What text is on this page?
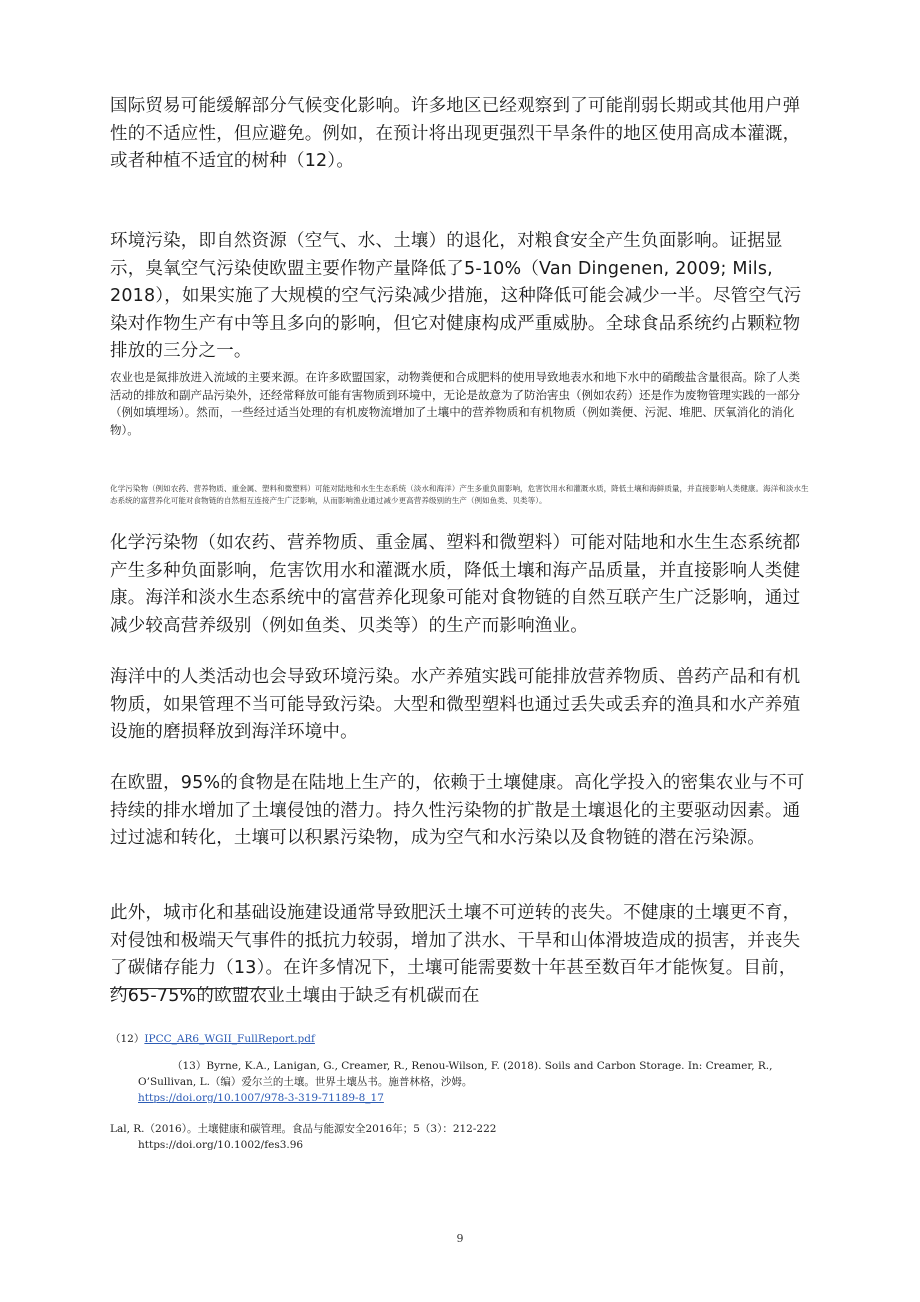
国际贸易可能缓解部分气候变化影响。许多地区已经观察到了可能削弱长期或其他用户弹性的不适应性，但应避免。例如，在预计将出现更强烈干旱条件的地区使用高成本灌溉，或者种植不适宜的树种（12）。

环境污染，即自然资源（空气、水、土壤）的退化，对粮食安全产生负面影响。证据显示，臭氧空气污染使欧盟主要作物产量降低了5-10%（Van Dingenen, 2009; Mils, 2018），如果实施了大规模的空气污染减少措施，这种降低可能会减少一半。尽管空气污染对作物生产有中等且多向的影响，但它对健康构成严重威胁。全球食品系统约占颗粒物排放的三分之一。

农业也是氮排放进入流域的主要来源。在许多欧盟国家，动物粪便和合成肥料的使用导致地表水和地下水中的硝酸盐含量很高。除了人类活动的排放和副产品污染外，还经常释放可能有害物质到环境中，无论是故意为了防治害虫（例如农药）还是作为废物管理实践的一部分（例如填埋场）。然而，一些经过适当处理的有机废物流增加了土壤中的营养物质和有机物质（例如粪便、污泥、堆肥、厌氧消化的消化物）。

化学污染物（例如农药、营养物质、重金属、塑料和微塑料）可能对陆地和水生生态系统（淡水和海洋）产生多重负面影响，危害饮用水和灌溉水质，降低土壤和海鲜质量，并直接影响人类健康。海洋和淡水生态系统的富营养化可能对食物链的自然相互连接产生广泛影响，从而影响渔业通过减少更高营养级别的生产（例如鱼类、贝类等）。

化学污染物（如农药、营养物质、重金属、塑料和微塑料）可能对陆地和水生生态系统都产生多种负面影响，危害饮用水和灌溉水质，降低土壤和海产品质量，并直接影响人类健康。海洋和淡水生态系统中的富营养化现象可能对食物链的自然互联产生广泛影响，通过减少较高营养级别（例如鱼类、贝类等）的生产而影响渔业。

海洋中的人类活动也会导致环境污染。水产养殖实践可能排放营养物质、兽药产品和有机物质，如果管理不当可能导致污染。大型和微型塑料也通过丢失或丢弃的渔具和水产养殖设施的磨损释放到海洋环境中。

在欧盟，95%的食物是在陆地上生产的，依赖于土壤健康。高化学投入的密集农业与不可持续的排水增加了土壤侵蚀的潜力。持久性污染物的扩散是土壤退化的主要驱动因素。通过过滤和转化，土壤可以积累污染物，成为空气和水污染以及食物链的潜在污染源。

此外，城市化和基础设施建设通常导致肥沃土壤不可逆转的丧失。不健康的土壤更不育，对侵蚀和极端天气事件的抵抗力较弱，增加了洪水、干旱和山体滑坡造成的损害，并丧失了碳储存能力（13）。在许多情况下，土壤可能需要数十年甚至数百年才能恢复。目前，约65-75%的欧盟农业土壤由于缺乏有机碳而在

（12）IPCC_AR6_WGII_FullReport.pdf

（13）Byrne, K.A., Lanigan, G., Creamer, R., Renou-Wilson, F. (2018). Soils and Carbon Storage. In: Creamer, R.,
O’Sullivan, L.（编）爱尔兰的土壤。世界土壤丛书。施普林格，沙姆。
https://doi.org/10.1007/978-3-319-71189-8_17

Lal, R.（2016）。土壤健康和碳管理。食品与能源安全2016年；5（3）：212-222
https://doi.org/10.1002/fes3.96

9
